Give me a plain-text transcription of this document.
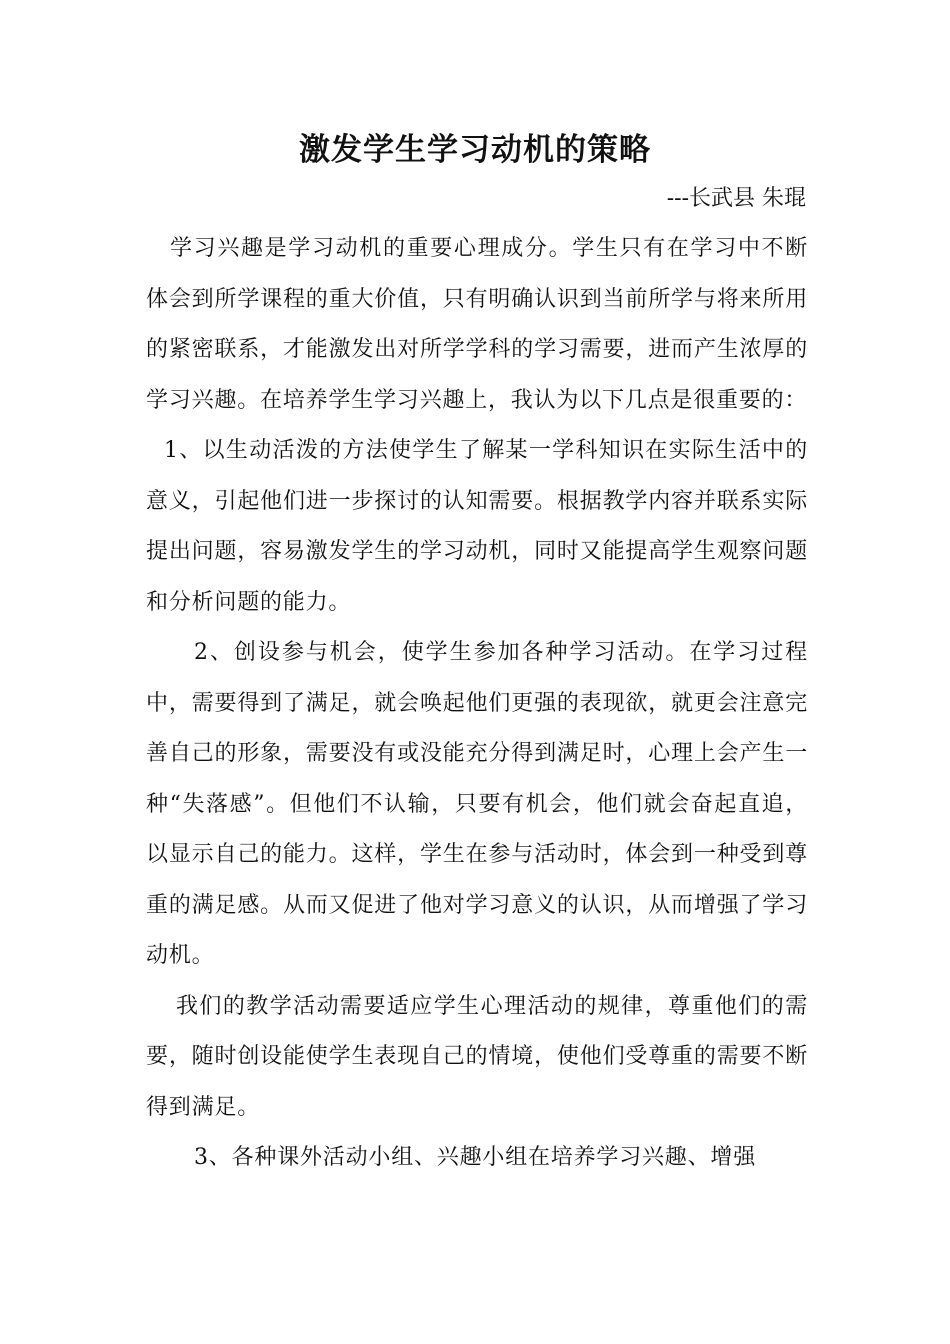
激发学生学习动机的策略

---长武县 朱琨

学习兴趣是学习动机的重要心理成分。学生只有在学习中不断体会到所学课程的重大价值，只有明确认识到当前所学与将来所用的紧密联系，才能激发出对所学学科的学习需要，进而产生浓厚的学习兴趣。在培养学生学习兴趣上，我认为以下几点是很重要的：

1、以生动活泼的方法使学生了解某一学科知识在实际生活中的意义，引起他们进一步探讨的认知需要。根据教学内容并联系实际提出问题，容易激发学生的学习动机，同时又能提高学生观察问题和分析问题的能力。

2、创设参与机会，使学生参加各种学习活动。在学习过程中，需要得到了满足，就会唤起他们更强的表现欲，就更会注意完善自己的形象，需要没有或没能充分得到满足时，心理上会产生一种“失落感”。但他们不认输，只要有机会，他们就会奋起直追，以显示自己的能力。这样，学生在参与活动时，体会到一种受到尊重的满足感。从而又促进了他对学习意义的认识，从而增强了学习动机。

我们的教学活动需要适应学生心理活动的规律，尊重他们的需要，随时创设能使学生表现自己的情境，使他们受尊重的需要不断得到满足。

3、各种课外活动小组、兴趣小组在培养学习兴趣、增强
